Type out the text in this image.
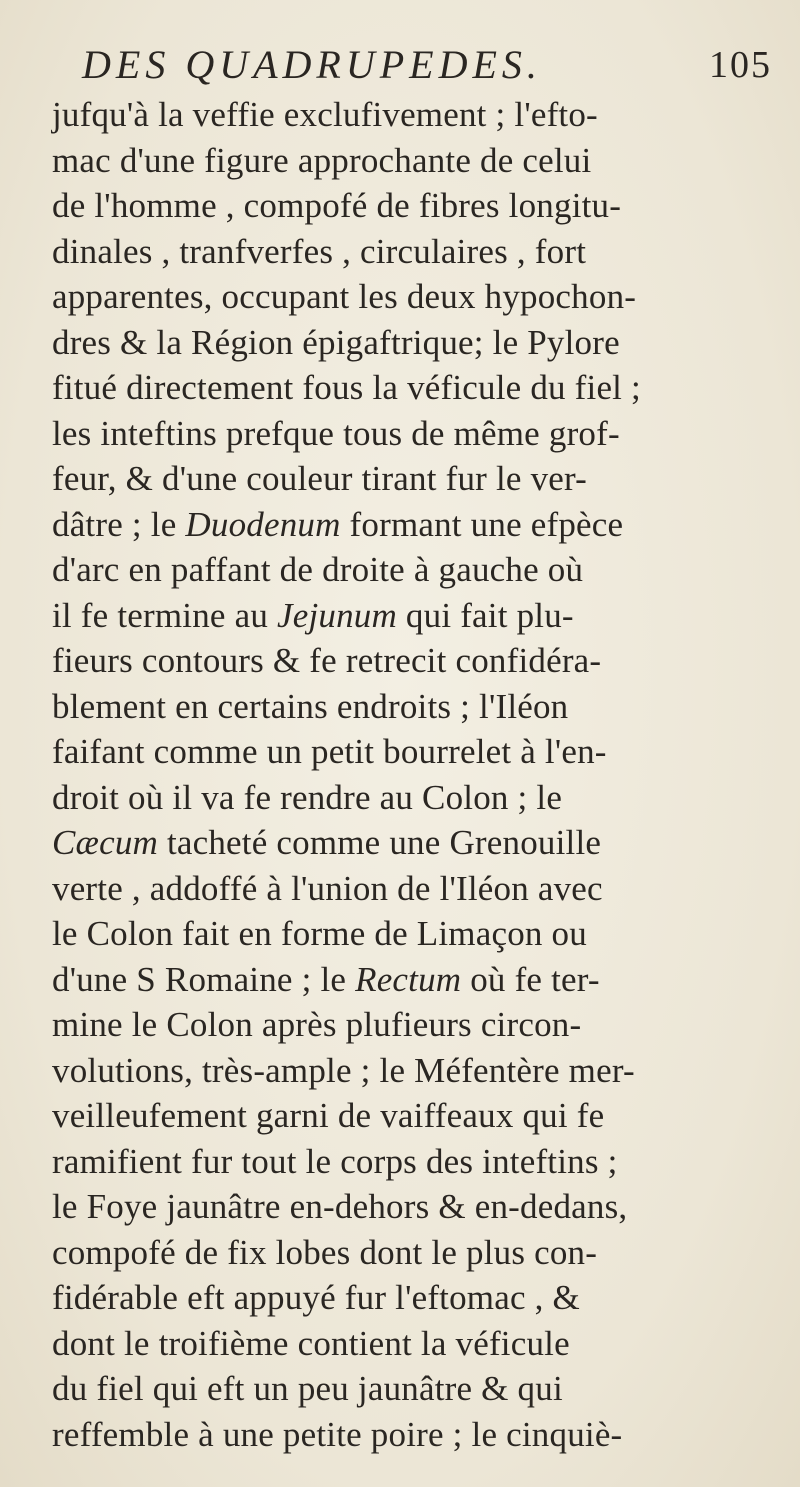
DES QUADRUPEDES.	105
jufqu'à la veffie exclufivement ; l'efto-
mac d'une figure approchante de celui
de l'homme , compofé de fibres longitu-
dinales , tranfverfes , circulaires , fort
apparentes, occupant les deux hypochon-
dres & la Région épigaftrique; le Pylore
fitué directement fous la véficule du fiel ;
les inteftins prefque tous de même grof-
feur, & d'une couleur tirant fur le ver-
dâtre ; le Duodenum formant une efpèce
d'arc en paffant de droite à gauche où
il fe termine au Jejunum qui fait plu-
fieurs contours & fe retrecit confidéra-
blement en certains endroits ; l'Iléon
faifant comme un petit bourrelet à l'en-
droit où il va fe rendre au Colon ; le
Cæcum tacheté comme une Grenouille
verte , addoffé à l'union de l'Iléon avec
le Colon fait en forme de Limaçon ou
d'une S Romaine ; le Rectum où fe ter-
mine le Colon après plufieurs circon-
volutions, très-ample ; le Méfentère mer-
veilleufement garni de vaiffeaux qui fe
ramifient fur tout le corps des inteftins ;
le Foye jaunâtre en-dehors & en-dedans,
compofé de fix lobes dont le plus con-
fidérable eft appuyé fur l'eftomac , &
dont le troifième contient la véficule
du fiel qui eft un peu jaunâtre & qui
reffemble à une petite poire ; le cinquiè-
